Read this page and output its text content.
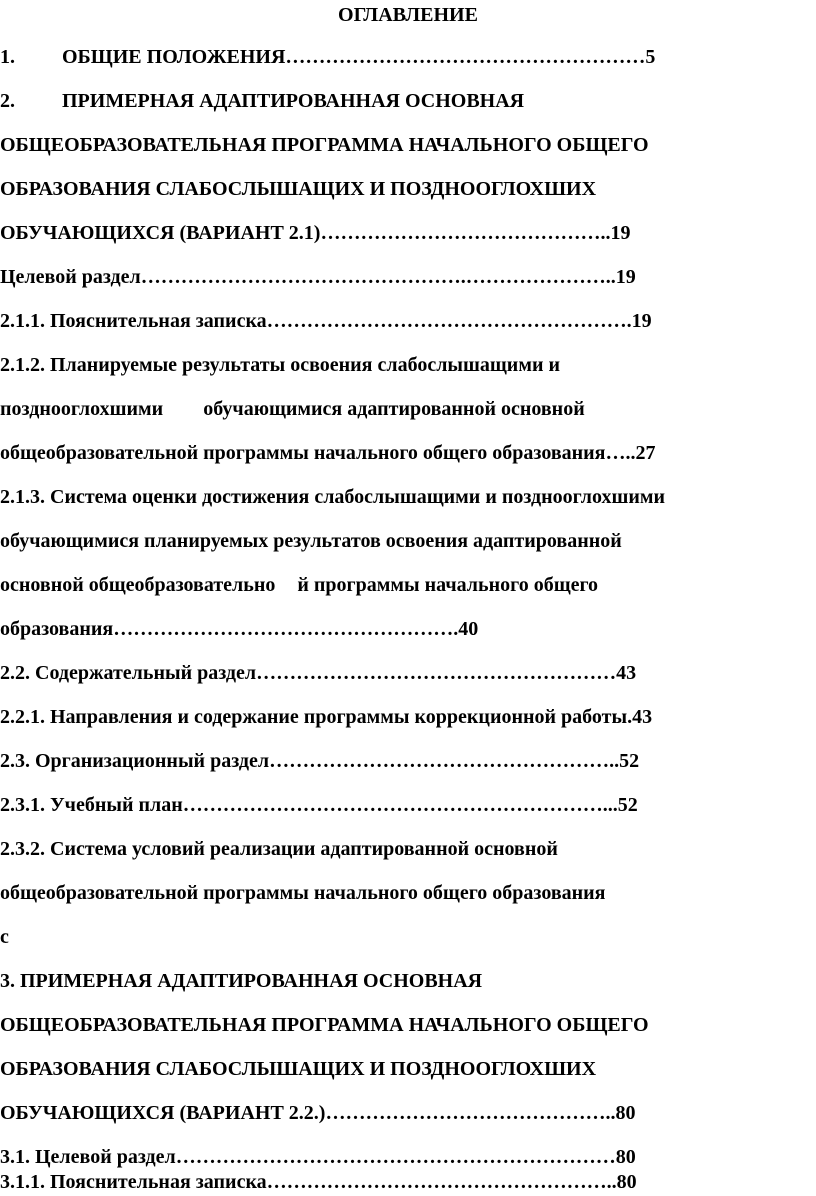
ОГЛАВЛЕНИЕ
1. ОБЩИЕ ПОЛОЖЕНИЯ………………………………………………5
2. ПРИМЕРНАЯ АДАПТИРОВАННАЯ ОСНОВНАЯ
ОБЩЕОБРАЗОВАТЕЛЬНАЯ ПРОГРАММА НАЧАЛЬНОГО ОБЩЕГО
ОБРАЗОВАНИЯ СЛАБОСЛЫШАЩИХ И ПОЗДНООГЛОХШИХ
ОБУЧАЮЩИХСЯ (ВАРИАНТ 2.1)……………………………………..19
Целевой раздел………………………………………….…………………..19
2.1.1. Пояснительная записка……………………………………………….19
2.1.2. Планируемые результаты освоения слабослышащими и
позднооглохшими обучающимися адаптированной основной
общеобразовательной программы начального общего образования…..27
2.1.3. Система оценки достижения слабослышащими и позднооглохшими
обучающимися планируемых результатов освоения адаптированной
основной общеобразовательно й программы начального общего
образования…………………………………………….40
2.2. Содержательный раздел………………………………………………43
2.2.1. Направления и содержание программы коррекционной работы.43
2.3. Организационный раздел……………………………………………..52
2.3.1. Учебный план………………………………………………………...52
2.3.2. Система условий реализации адаптированной основной
общеобразовательной программы начального общего образования
с
3. ПРИМЕРНАЯ АДАПТИРОВАННАЯ ОСНОВНАЯ
ОБЩЕОБРАЗОВАТЕЛЬНАЯ ПРОГРАММА НАЧАЛЬНОГО ОБЩЕГО
ОБРАЗОВАНИЯ СЛАБОСЛЫШАЩИХ И ПОЗДНООГЛОХШИХ
ОБУЧАЮЩИХСЯ (ВАРИАНТ 2.2.)……………………………………..80
3.1. Целевой раздел…………………………………………………………80
3.1.1. Пояснительная записка……………………………………………..80
